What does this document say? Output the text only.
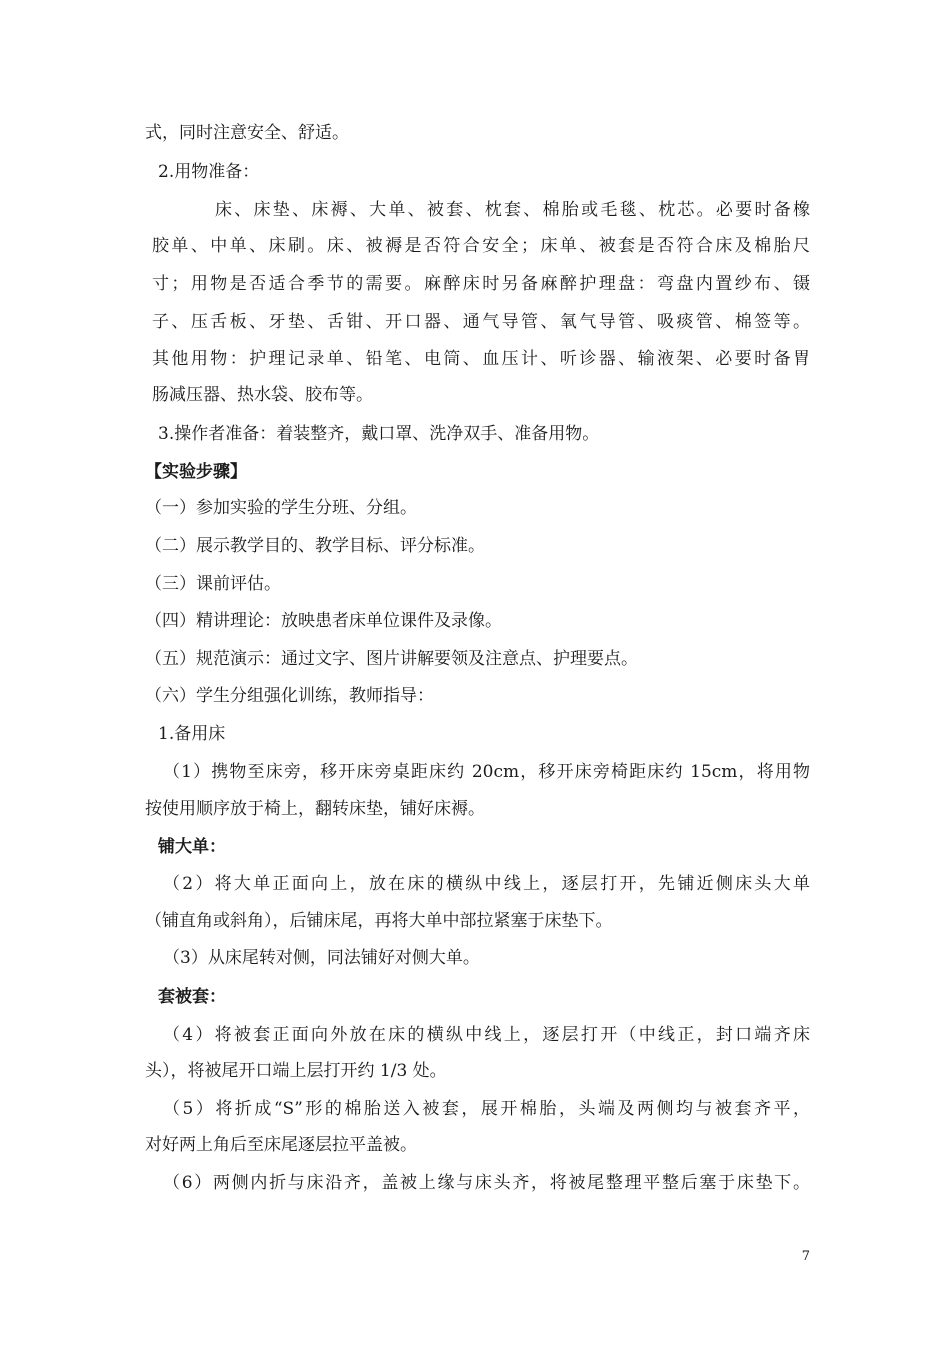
式，同时注意安全、舒适。

2.用物准备：

床、床垫、床褥、大单、被套、枕套、棉胎或毛毯、枕芯。必要时备橡

胶单、中单、床刷。床、被褥是否符合安全；床单、被套是否符合床及棉胎尺

寸；用物是否适合季节的需要。麻醉床时另备麻醉护理盘：弯盘内置纱布、镊

子、压舌板、牙垫、舌钳、开口器、通气导管、氧气导管、吸痰管、棉签等。

其他用物：护理记录单、铅笔、电筒、血压计、听诊器、输液架、必要时备胃

肠减压器、热水袋、胶布等。

3.操作者准备：着装整齐，戴口罩、洗净双手、准备用物。

【实验步骤】

（一）参加实验的学生分班、分组。

（二）展示教学目的、教学目标、评分标准。

（三）课前评估。

（四）精讲理论：放映患者床单位课件及录像。

（五）规范演示：通过文字、图片讲解要领及注意点、护理要点。

（六）学生分组强化训练，教师指导：

1.备用床

（1）携物至床旁，移开床旁桌距床约 20cm，移开床旁椅距床约 15cm，将用物

按使用顺序放于椅上，翻转床垫，铺好床褥。

铺大单：

（2）将大单正面向上，放在床的横纵中线上，逐层打开，先铺近侧床头大单

（铺直角或斜角），后铺床尾，再将大单中部拉紧塞于床垫下。

（3）从床尾转对侧，同法铺好对侧大单。

套被套：

（4）将被套正面向外放在床的横纵中线上，逐层打开（中线正，封口端齐床

头），将被尾开口端上层打开约 1/3 处。

（5）将折成“S”形的棉胎送入被套，展开棉胎，头端及两侧均与被套齐平，

对好两上角后至床尾逐层拉平盖被。

（6）两侧内折与床沿齐，盖被上缘与床头齐，将被尾整理平整后塞于床垫下。

7
